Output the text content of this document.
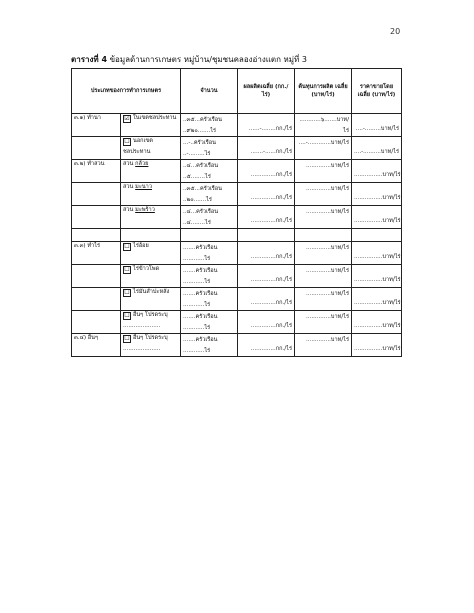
20
ตารางที่ 4 ข้อมูลด้านการเกษตร หมู่บ้าน/ชุมชนคลองอ่างแตก หมู่ที่ 3
ประเภทของการทำการเกษตร		จำนวน	ผลผลิตเฉลี่ย (กก./ไร่)	ต้นทุนการผลิต เฉลี่ย (บาท/ไร่)	ราคาขายโดย เฉลี่ย (บาท/ไร่)
๓.๑) ทำนา	☑ ในเขตชลประทาน	..๓๕...ครัวเรือน
..๙๒๐.......ไร่	......-........กก./ไร่	............๖.......บาท/
ไร่	....-.........บาท/ไร่

	☐ นอกเขต
ชลประทาน	...-..ครัวเรือน
..-.........ไร่	.......-......กก./ไร่	....-.............บาท/ไร่	....-..........บาท/ไร่

๓.๒) ทำสวน	สวน กล้วย	..๔...ครัวเรือน
..๕........ไร่	..............กก./ไร่	..............บาท/ไร่	................บาท/ไร่

	สวน มะนาว	..๓๕...ครัวเรือน
..๒๐.......ไร่	..............กก./ไร่	..............บาท/ไร่	................บาท/ไร่

	สวน มะพร้าว	..๔...ครัวเรือน
..๔........ไร่	..............กก./ไร่	..............บาท/ไร่	................บาท/ไร่

๓.๓) ทำไร่	☐ ไร่อ้อย	.......ครัวเรือน
............ไร่	..............กก./ไร่	..............บาท/ไร่	................บาท/ไร่

	☐ ไร่ข้าวโพด	.......ครัวเรือน
............ไร่	..............กก./ไร่	..............บาท/ไร่	................บาท/ไร่

	☐ ไร่มันสำปะหลัง	.......ครัวเรือน
............ไร่	..............กก./ไร่	..............บาท/ไร่	................บาท/ไร่

	☐ อื่นๆ โปรดระบุ
.....................	.......ครัวเรือน
............ไร่	..............กก./ไร่	..............บาท/ไร่	................บาท/ไร่

๓.๔) อื่นๆ	☐ อื่นๆ โปรดระบุ
.....................	.......ครัวเรือน
............ไร่	..............กก./ไร่	..............บาท/ไร่	................บาท/ไร่
